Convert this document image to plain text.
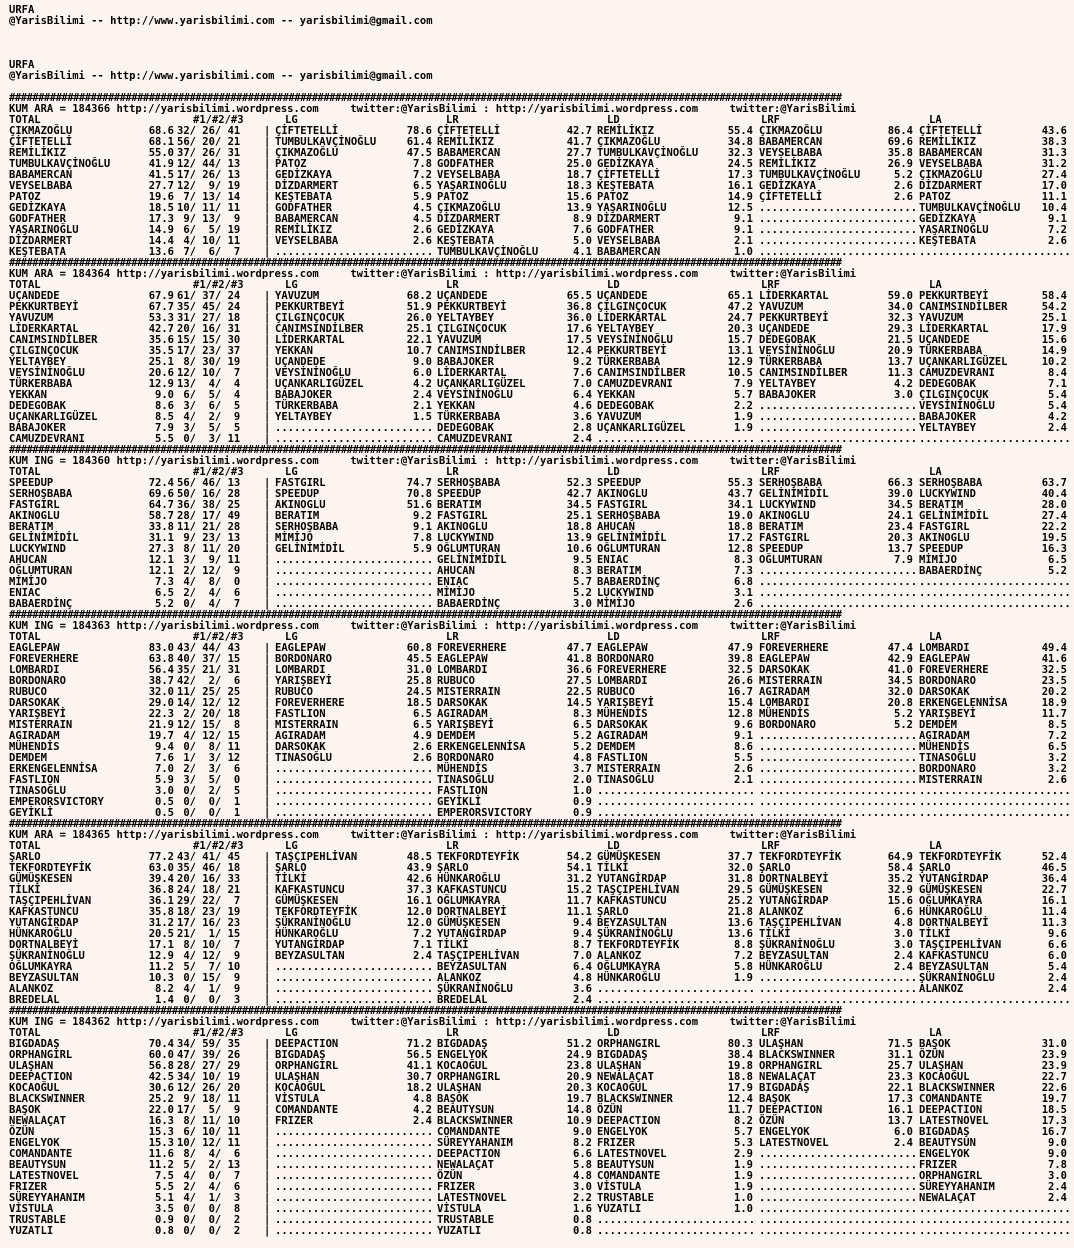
URFA
@YarisBilimi -- http://www.yarisbilimi.com -- yarisbilimi@gmail.com
URFA
@YarisBilimi -- http://www.yarisbilimi.com -- yarisbilimi@gmail.com
###############################################################################################################################################
KUM ARA = 184366 http://yarisbilimi.wordpress.com     twitter:@YarisBilimi : http://yarisbilimi.wordpress.com     twitter:@YarisBilimi
TOTAL	#1/#2/#3	LG	LR	LD	LRF	LA
ÇIKMAZOĞLU	68.6 32/ 26/ 41	| ÇİFTETELLİ	78.6 ÇİFTETELLİ	42.7 REMİLİKIZ	55.4 ÇIKMAZOĞLU	86.4 ÇİFTETELLİ	43.6
ÇİFTETELLİ	68.1 56/ 20/ 21	| TUMBULKAVÇİNOĞLU	61.4 REMİLİKIZ	41.7 ÇIKMAZOĞLU	34.8 BABAMERCAN	69.6 REMİLİKIZ	38.3
REMİLİKIZ	55.0 37/ 26/ 31	| ÇIKMAZOĞLU	47.5 BABAMERCAN	27.7 TUMBULKAVÇİNOĞLU	32.3 VEYSELBABA	35.8 BABAMERCAN	31.3
TUMBULKAVÇİNOĞLU	41.9 12/ 44/ 13	| PATOZ	7.8 GODFATHER	25.0 GEDİZKAYA	24.5 REMİLİKIZ	26.9 VEYSELBABA	31.2
BABAMERCAN	41.5 17/ 26/ 13	| GEDİZKAYA	7.2 VEYSELBABA	18.7 ÇİFTETELLİ	17.3 TUMBULKAVÇİNOĞLU	5.2 ÇIKMAZOĞLU	27.4
VEYSELBABA	27.7 12/  9/ 19	| DİZDARMERT	6.5 YAŞARINOĞLU	18.3 KEŞTEBATA	16.1 GEDİZKAYA	2.6 DİZDARMERT	17.0
PATOZ	19.6 7/ 13/ 14	| KEŞTEBATA	5.9 PATOZ	15.6 PATOZ	14.9 ÇİFTETELLİ	2.6 PATOZ	11.1
GEDİZKAYA	18.5 10/ 11/ 11	| GODFATHER	4.5 ÇIKMAZOĞLU	13.9 YAŞARINOĞLU	12.5 ......................... TUMBULKAVÇİNOĞLU	10.4
GODFATHER	17.3 9/ 13/  9	| BABAMERCAN	4.5 DİZDARMERT	8.9 DİZDARMERT	9.1 ......................... GEDİZKAYA	9.1
YAŞARINOĞLU	14.9 6/  5/ 19	| REMİLİKIZ	2.6 GEDİZKAYA	7.6 GODFATHER	9.1 ......................... YAŞARINOĞLU	7.2
DİZDARMERT	14.4 4/ 10/ 11	| VEYSELBABA	2.6 KEŞTEBATA	5.0 VEYSELBABA	2.1 ......................... KEŞTEBATA	2.6
KEŞTEBATA	13.6 7/  6/  7	| ......................... TUMBULKAVÇİNOĞLU	4.1 BABAMERCAN	1.0 ......................... ........................
###############################################################################################################################################
KUM ARA = 184364 http://yarisbilimi.wordpress.com     twitter:@YarisBilimi : http://yarisbilimi.wordpress.com     twitter:@YarisBilimi
TOTAL	#1/#2/#3	LG	LR	LD	LRF	LA
UÇANDEDE	67.9 61/ 37/ 24	| YAVUZUM	68.2 UÇANDEDE	65.5 UÇANDEDE	65.1 LİDERKARTAL	59.0 PEKKURTBEYİ	58.4
PEKKURTBEYİ	67.7 35/ 45/ 24	| PEKKURTBEYİ	51.9 PEKKURTBEYİ	36.8 ÇILGINÇOCUK	47.2 YAVUZUM	34.0 CANIMSINDİLBER	54.2
YAVUZUM	53.3 31/ 27/ 18	| ÇILGINÇOCUK	26.0 YELTAYBEY	36.0 LİDERKARTAL	24.7 PEKKURTBEYİ	32.3 YAVUZUM	25.1
LİDERKARTAL	42.7 20/ 16/ 31	| CANIMSINDİLBER	25.1 ÇILGINÇOCUK	17.6 YELTAYBEY	20.3 UÇANDEDE	29.3 LİDERKARTAL	17.9
CANIMSINDİLBER	35.6 15/ 15/ 30	| LİDERKARTAL	22.1 YAVUZUM	17.5 VEYSİNİNOĞLU	15.7 DEDEGOBAK	21.5 UÇANDEDE	15.6
ÇILGINÇOCUK	35.5 17/ 23/ 37	| YEKKAN	10.7 CANIMSINDİLBER	12.4 PEKKURTBEYİ	13.1 VEYSİNİNOĞLU	20.9 TÜRKERBABA	14.9
YELTAYBEY	25.1 8/ 30/ 19	| UÇANDEDE	9.0 BABAJOKER	9.2 TÜRKERBABA	12.9 TÜRKERBABA	13.7 UÇANKARLIGÜZEL	10.2
VEYSİNİNOĞLU	20.6 12/ 10/  7	| VEYSİNİNOĞLU	6.0 LİDERKARTAL	7.6 CANIMSINDİLBER	10.5 CANIMSINDİLBER	11.3 CAMUZDEVRANI	8.4
TÜRKERBABA	12.9 13/  4/  4	| UÇANKARLIGÜZEL	4.2 UÇANKARLIGÜZEL	7.0 CAMUZDEVRANI	7.9 YELTAYBEY	4.2 DEDEGOBAK	7.1
YEKKAN	9.0 6/  5/  4	| BABAJOKER	2.4 VEYSİNİNOĞLU	6.4 YEKKAN	5.7 BABAJOKER	3.0 ÇILGINÇOCUK	5.4
DEDEGOBAK	8.6 3/  6/  5	| TÜRKERBABA	2.1 YEKKAN	4.6 DEDEGOBAK	2.2 ......................... VEYSİNİNOĞLU	5.4
UÇANKARLIGÜZEL	8.5 4/  2/  9	| YELTAYBEY	1.5 TÜRKERBABA	3.6 YAVUZUM	1.9 ......................... BABAJOKER	4.2
BABAJOKER	7.9 3/  5/  5	| ......................... DEDEGOBAK	2.8 UÇANKARLIGÜZEL	1.9 ......................... YELTAYBEY	2.4
CAMUZDEVRANI	5.5 0/  3/ 11	| ......................... CAMUZDEVRANI	2.4 ......................... ......................... ........................
###############################################################################################################################################
KUM ING = 184360 http://yarisbilimi.wordpress.com     twitter:@YarisBilimi : http://yarisbilimi.wordpress.com     twitter:@YarisBilimi
TOTAL	#1/#2/#3	LG	LR	LD	LRF	LA
SPEEDUP	72.4 56/ 46/ 13	| FASTGIRL	74.7 SERHOŞBABA	52.3 SPEEDUP	55.3 SERHOŞBABA	66.3 SERHOŞBABA	63.7
SERHOŞBABA	69.6 50/ 16/ 28	| SPEEDUP	70.8 SPEEDUP	42.7 AKINOGLU	43.7 GELİNİMİDİL	39.0 LUCKYWIND	40.4
FASTGIRL	64.7 36/ 38/ 25	| AKINOGLU	51.6 BERATIM	34.5 FASTGIRL	34.1 LUCKYWIND	34.5 BERATIM	28.0
AKINOGLU	58.7 28/ 17/ 49	| BERATIM	9.2 FASTGIRL	25.1 SERHOŞBABA	19.0 AKINOGLU	24.1 GELİNİMİDİL	27.4
BERATIM	33.8 11/ 21/ 28	| SERHOŞBABA	9.1 AKINOGLU	18.8 AHUCAN	18.8 BERATIM	23.4 FASTGIRL	22.2
GELİNİMİDİL	31.1 9/ 23/ 13	| MİMİJO	7.8 LUCKYWIND	13.9 GELİNİMİDİL	17.2 FASTGIRL	20.3 AKINOGLU	19.5
LUCKYWIND	27.3 8/ 11/ 20	| GELİNİMİDİL	5.9 OĞLUMTURAN	10.6 OĞLUMTURAN	12.8 SPEEDUP	13.7 SPEEDUP	16.3
AHUCAN	12.1 3/  9/ 11	| ......................... GELİNİMİDİL	9.5 ENIAC	8.3 OĞLUMTURAN	7.9 MİMİJO	6.5
OĞLUMTURAN	12.1 2/ 12/  9	| ......................... AHUCAN	8.3 BERATIM	7.3 ......................... BABAERDİNÇ	5.2
MİMİJO	7.3 4/  8/  0	| ......................... ENIAC	5.7 BABAERDİNÇ	6.8 ......................... ........................
ENIAC	6.5 2/  4/  6	| ......................... MİMİJO	5.2 LUCKYWIND	3.1 ......................... ........................
BABAERDİNÇ	5.2 0/  4/  7	| ......................... BABAERDİNÇ	3.0 MİMİJO	2.6 ......................... ........................
###############################################################################################################################################
KUM ING = 184363 http://yarisbilimi.wordpress.com     twitter:@YarisBilimi : http://yarisbilimi.wordpress.com     twitter:@YarisBilimi
TOTAL	#1/#2/#3	LG	LR	LD	LRF	LA
EAGLEPAW	83.0 43/ 44/ 43	| EAGLEPAW	60.8 FOREVERHERE	47.7 EAGLEPAW	47.9 FOREVERHERE	47.4 LOMBARDI	49.4
FOREVERHERE	63.8 40/ 37/ 15	| BORDONARO	45.5 EAGLEPAW	41.8 BORDONARO	39.8 EAGLEPAW	42.9 EAGLEPAW	41.6
LOMBARDI	56.4 35/ 21/ 31	| LOMBARDI	31.0 LOMBARDI	36.6 FOREVERHERE	32.5 DARSOKAK	41.0 FOREVERHERE	32.5
BORDONARO	38.7 42/  2/  6	| YARIŞBEYİ	25.8 RUBUCO	27.5 LOMBARDI	26.6 MISTERRAIN	34.5 BORDONARO	23.5
RUBUCO	32.0 11/ 25/ 25	| RUBUCO	24.5 MISTERRAIN	22.5 RUBUCO	16.7 AGIRADAM	32.0 DARSOKAK	20.2
DARSOKAK	29.0 14/ 12/ 12	| FOREVERHERE	18.5 DARSOKAK	14.5 YARIŞBEYİ	15.4 LOMBARDI	20.8 ERKENGELENNİSA	18.9
YARIŞBEYİ	22.3 2/ 20/ 18	| FASTLION	6.5 AGIRADAM	8.3 MÜHENDİS	12.8 MÜHENDİS	5.2 YARIŞBEYİ	11.7
MISTERRAIN	21.9 12/ 15/  8	| MISTERRAIN	6.5 YARIŞBEYİ	6.5 DARSOKAK	9.6 BORDONARO	5.2 DEMDEM	8.5
AGIRADAM	19.7 4/ 12/ 15	| AGIRADAM	4.9 DEMDEM	5.2 AGIRADAM	9.1 ......................... AGIRADAM	7.2
MÜHENDİS	9.4 0/  8/ 11	| DARSOKAK	2.6 ERKENGELENNİSA	5.2 DEMDEM	8.6 ......................... MÜHENDİS	6.5
DEMDEM	7.6 1/  3/ 12	| TINASOĞLU	2.6 BORDONARO	4.8 FASTLION	5.5 ......................... TINASOĞLU	3.2
ERKENGELENNİSA	7.0 2/  3/  6	| ......................... MÜHENDİS	3.7 MISTERRAIN	2.6 ......................... BORDONARO	3.2
FASTLION	5.9 3/  5/  0	| ......................... TINASOĞLU	2.0 TINASOĞLU	2.1 ......................... MISTERRAIN	2.6
TINASOĞLU	3.0 0/  2/  5	| ......................... FASTLION	1.0 ......................... ......................... ........................
EMPERORSVICTORY	0.5 0/  0/  1	| ......................... GEYİKLİ	0.9 ......................... ......................... ........................
GEYİKLİ	0.5 0/  0/  1	| ......................... EMPERORSVICTORY	0.9 ......................... ......................... ........................
###############################################################################################################################################
KUM ARA = 184365 http://yarisbilimi.wordpress.com     twitter:@YarisBilimi : http://yarisbilimi.wordpress.com     twitter:@YarisBilimi
TOTAL	#1/#2/#3	LG	LR	LD	LRF	LA
ŞARLO	77.2 43/ 41/ 45	| TAŞÇIPEHLİVAN	48.5 TEKFORDTEYFİK	54.2 GÜMÜŞKESEN	37.7 TEKFORDTEYFİK	64.9 TEKFORDTEYFİK	52.4
TEKFORDTEYFİK	63.0 35/ 46/ 18	| ŞARLO	43.9 ŞARLO	54.1 TİLKİ	32.0 ŞARLO	58.4 ŞARLO	46.5
GÜMÜŞKESEN	39.4 20/ 16/ 33	| TİLKİ	42.6 HÜNKAROĞLU	31.2 YUTANGİRDAP	31.8 DORTNALBEYİ	35.2 YUTANGİRDAP	36.4
TİLKİ	36.8 24/ 18/ 21	| KAFKASTUNCU	37.3 KAFKASTUNCU	15.2 TAŞÇIPEHLİVAN	29.5 GÜMÜŞKESEN	32.9 GÜMÜŞKESEN	22.7
TAŞÇIPEHLİVAN	36.1 29/ 22/  7	| GÜMÜŞKESEN	16.1 OĞLUMKAYRA	11.7 KAFKASTUNCU	25.2 YUTANGİRDAP	15.6 OĞLUMKAYRA	16.1
KAFKASTUNCU	35.8 18/ 23/ 19	| TEKFORDTEYFİK	12.0 DORTNALBEYİ	11.1 ŞARLO	21.8 ALANKOZ	6.6 HÜNKAROĞLU	11.4
YUTANGİRDAP	31.2 17/ 16/ 23	| ŞÜKRANİNOĞLU	12.0 GÜMÜŞKESEN	9.4 BEYZASULTAN	13.6 TAŞÇIPEHLİVAN	4.8 DORTNALBEYİ	11.3
HÜNKAROĞLU	20.5 21/  1/ 15	| HÜNKAROĞLU	7.2 YUTANGİRDAP	9.4 ŞÜKRANİNOĞLU	13.6 TİLKİ	3.0 TİLKİ	9.6
DORTNALBEYİ	17.1 8/ 10/  7	| YUTANGİRDAP	7.1 TİLKİ	8.7 TEKFORDTEYFİK	8.8 ŞÜKRANİNOĞLU	3.0 TAŞÇIPEHLİVAN	6.6
ŞÜKRANİNOĞLU	12.9 4/ 12/  9	| BEYZASULTAN	2.4 TAŞÇIPEHLİVAN	7.0 ALANKOZ	7.2 BEYZASULTAN	2.4 KAFKASTUNCU	6.0
OĞLUMKAYRA	11.2 5/  7/ 10	| ......................... BEYZASULTAN	6.4 OĞLUMKAYRA	5.8 HÜNKAROĞLU	2.4 BEYZASULTAN	5.4
BEYZASULTAN	10.3 0/ 15/  9	| ......................... ALANKOZ	4.8 HÜNKAROĞLU	1.9 ......................... ŞÜKRANİNOĞLU	2.4
ALANKOZ	8.2 4/  1/  9	| ......................... ŞÜKRANİNOĞLU	3.6 ......................... ......................... ALANKOZ	2.4
BREDELAL	1.4 0/  0/  3	| ......................... BREDELAL	2.4 ......................... ......................... ........................
###############################################################################################################################################
KUM ING = 184362 http://yarisbilimi.wordpress.com     twitter:@YarisBilimi : http://yarisbilimi.wordpress.com     twitter:@YarisBilimi
TOTAL	#1/#2/#3	LG	LR	LD	LRF	LA
BIGDADAŞ	70.4 34/ 59/ 35	| DEEPACTION	71.2 BIGDADAŞ	51.2 ORPHANGIRL	80.3 ULAŞHAN	71.5 BAŞOK	31.0
ORPHANGIRL	60.0 47/ 39/ 26	| BIGDADAŞ	56.5 ENGELYOK	24.9 BIGDADAŞ	38.4 BLACKSWINNER	31.1 ÖZÜN	23.9
ULAŞHAN	56.8 28/ 27/ 29	| ORPHANGIRL	41.1 KOCAOĞUL	23.8 ULAŞHAN	19.8 ORPHANGIRL	25.7 ULAŞHAN	23.9
DEEPACTION	42.5 34/ 10/ 19	| ULAŞHAN	30.7 ORPHANGIRL	20.9 NEWALAÇAT	18.8 NEWALAÇAT	23.3 KOCAOĞUL	22.7
KOCAOĞUL	30.6 12/ 26/ 20	| KOCAOĞUL	18.2 ULAŞHAN	20.3 KOCAOĞUL	17.9 BIGDADAŞ	22.1 BLACKSWINNER	22.6
BLACKSWINNER	25.2 9/ 18/ 11	| VİSTULA	4.8 BAŞOK	19.7 BLACKSWINNER	12.4 BAŞOK	17.3 COMANDANTE	19.7
BAŞOK	22.0 17/  5/  9	| COMANDANTE	4.2 BEAUTYSUN	14.8 ÖZÜN	11.7 DEEPACTION	16.1 DEEPACTION	18.5
NEWALAÇAT	16.3 8/ 11/ 10	| FRIZER	2.4 BLACKSWINNER	10.9 DEEPACTION	8.2 ÖZÜN	13.7 LATESTNOVEL	17.3
ÖZÜN	15.3 6/ 10/ 11	| ......................... COMANDANTE	9.0 ENGELYOK	5.7 ENGELYOK	6.0 BIGDADAŞ	16.7
ENGELYOK	15.3 10/ 12/ 11	| ......................... SÜREYYAHANIM	8.2 FRIZER	5.3 LATESTNOVEL	2.4 BEAUTYSUN	9.0
COMANDANTE	11.6 8/  4/  6	| ......................... DEEPACTION	6.6 LATESTNOVEL	2.9 ......................... ENGELYOK	9.0
BEAUTYSUN	11.2 5/  2/ 13	| ......................... NEWALAÇAT	5.8 BEAUTYSUN	1.9 ......................... FRIZER	7.8
LATESTNOVEL	7.5 4/  0/  7	| ......................... ÖZÜN	4.8 COMANDANTE	1.9 ......................... ORPHANGIRL	3.0
FRIZER	5.5 2/  4/  6	| ......................... FRIZER	3.0 VİSTULA	1.9 ......................... SÜREYYAHANIM	2.4
SÜREYYAHANIM	5.1 4/  1/  3	| ......................... LATESTNOVEL	2.2 TRUSTABLE	1.0 ......................... NEWALAÇAT	2.4
VİSTULA	3.5 0/  0/  8	| ......................... VİSTULA	1.6 YUZATLI	1.0 ......................... ........................
TRUSTABLE	0.9 0/  0/  2	| ......................... TRUSTABLE	0.8 ......................... ......................... ........................
YUZATLI	0.8 0/  0/  2	| ......................... YUZATLI	0.8 ......................... ......................... ........................
